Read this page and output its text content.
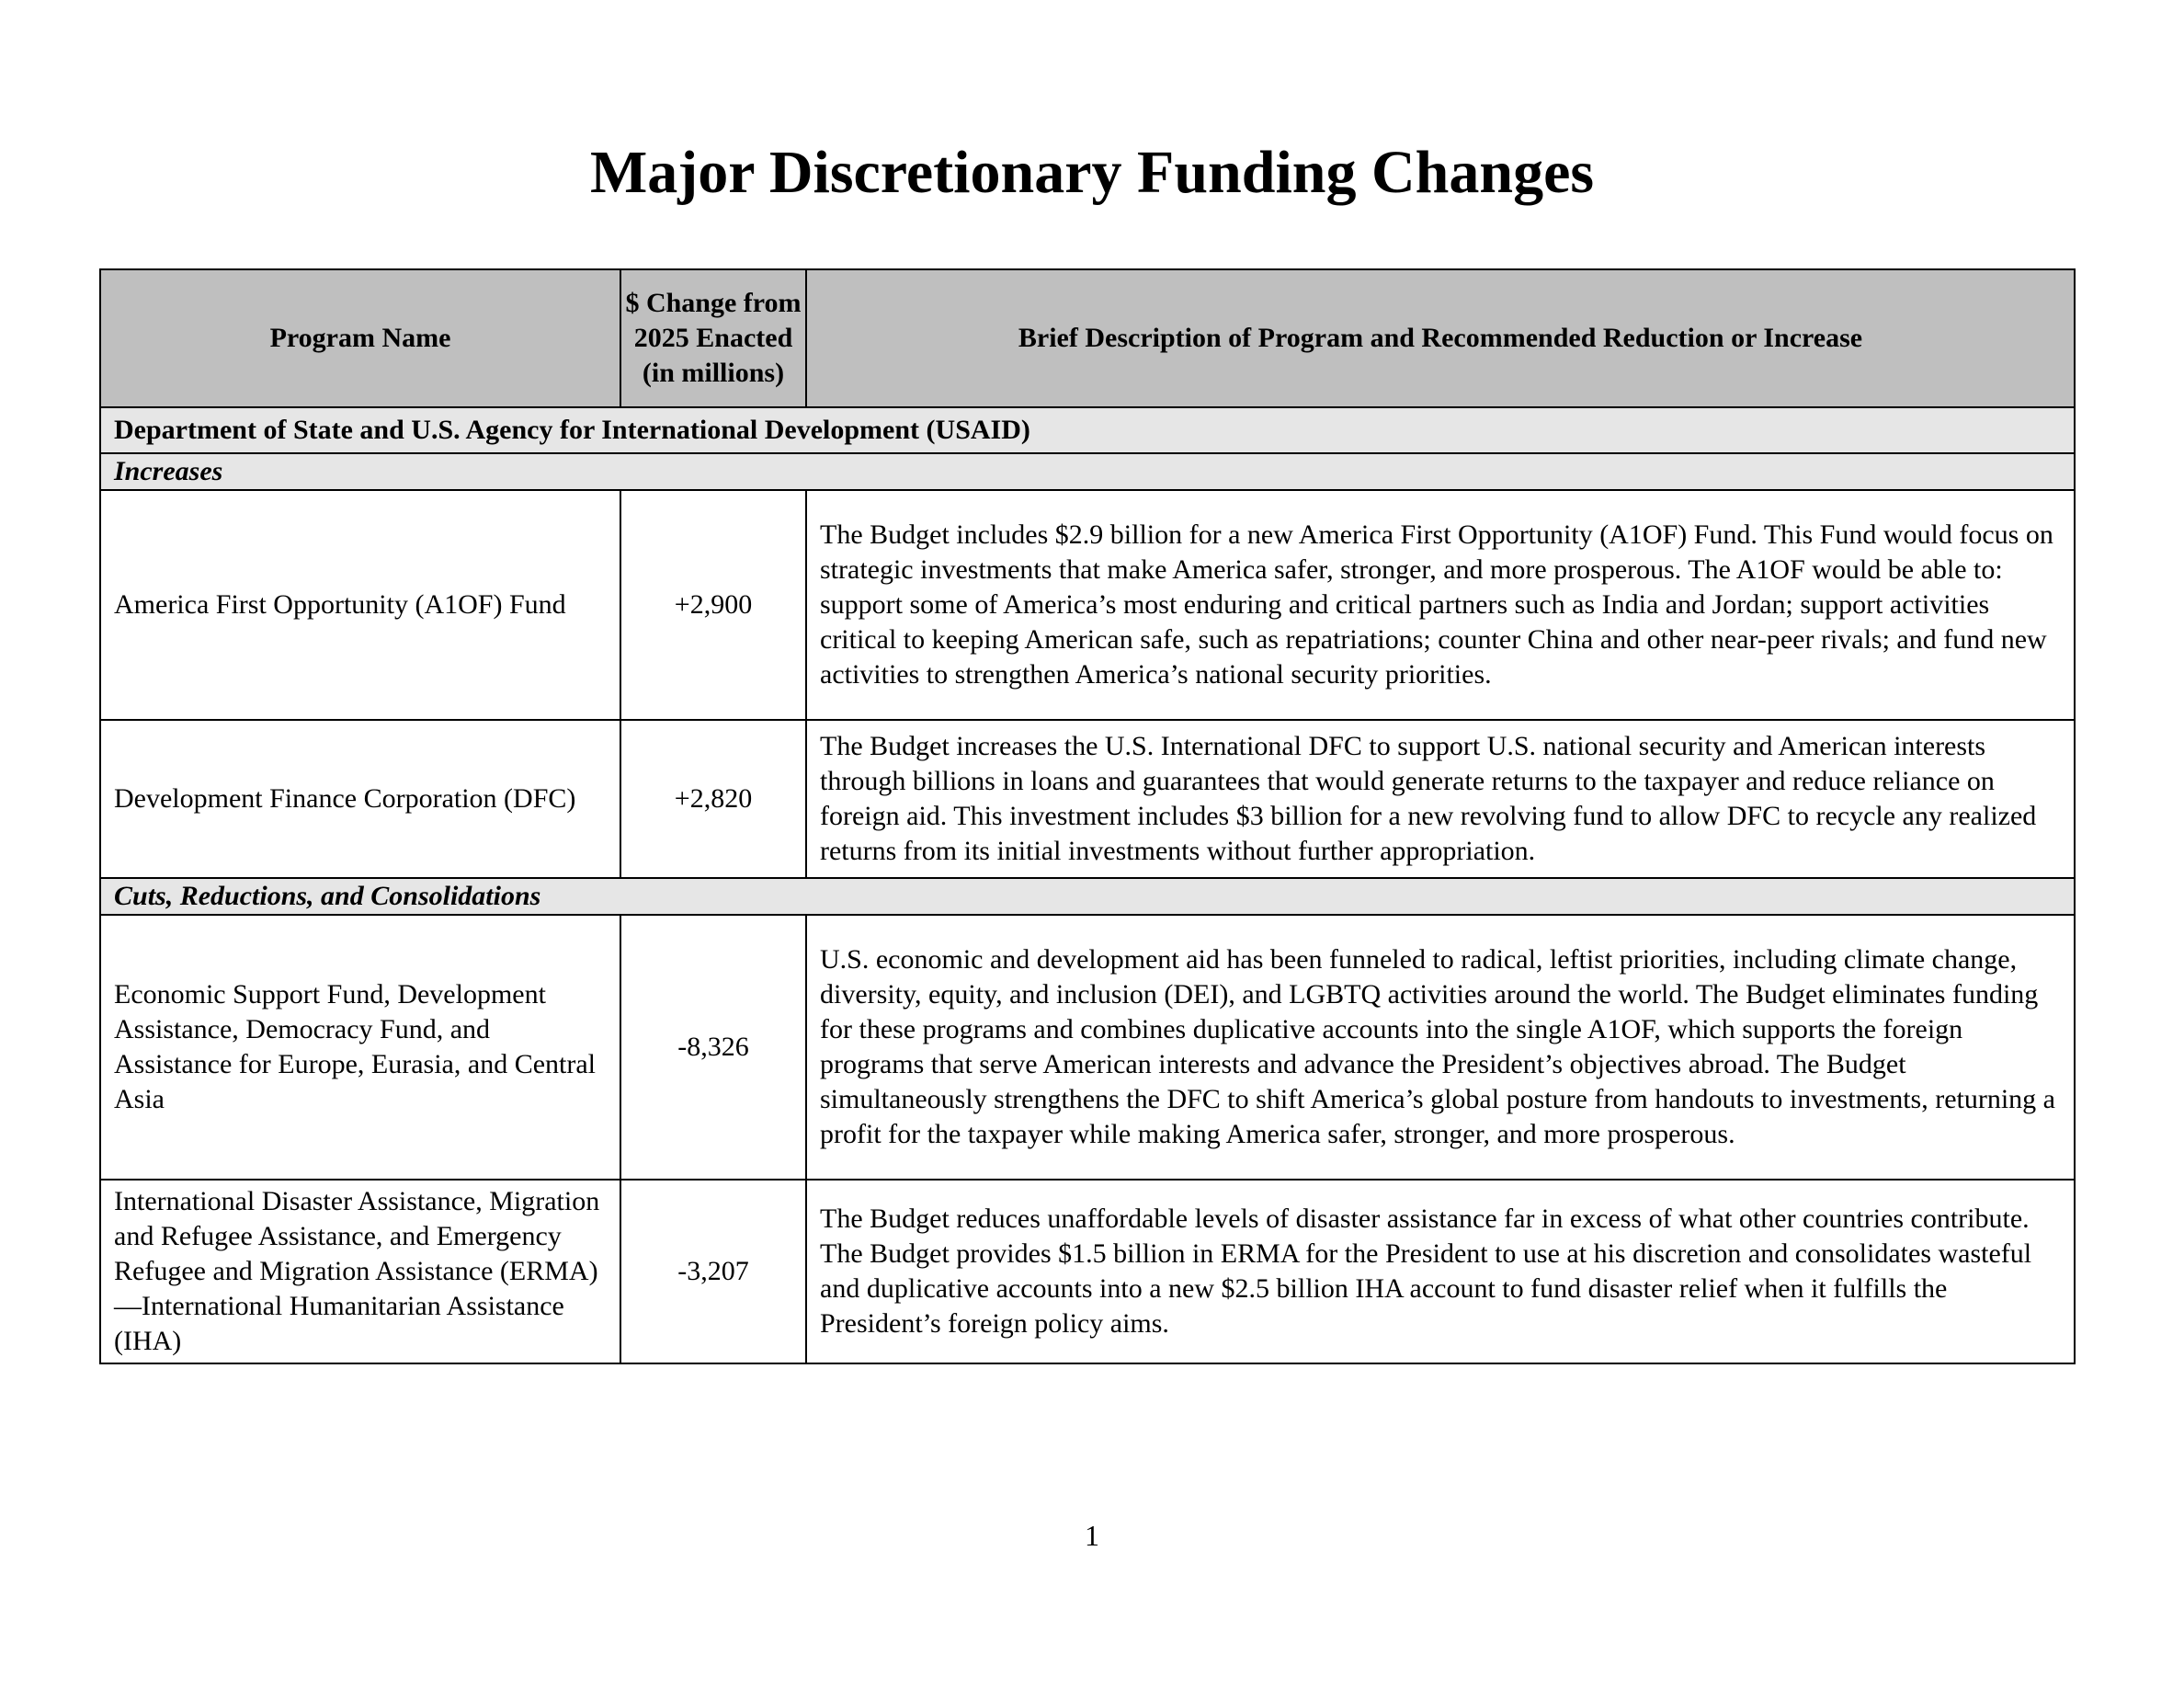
Major Discretionary Funding Changes
Program Name	$ Change from 2025 Enacted (in millions)	Brief Description of Program and Recommended Reduction or Increase
Department of State and U.S. Agency for International Development (USAID)		
Increases		
America First Opportunity (A1OF) Fund	+2,900	The Budget includes $2.9 billion for a new America First Opportunity (A1OF) Fund. This Fund would focus on strategic investments that make America safer, stronger, and more prosperous. The A1OF would be able to: support some of America’s most enduring and critical partners such as India and Jordan; support activities critical to keeping American safe, such as repatriations; counter China and other near-peer rivals; and fund new activities to strengthen America’s national security priorities.
Development Finance Corporation (DFC)	+2,820	The Budget increases the U.S. International DFC to support U.S. national security and American interests through billions in loans and guarantees that would generate returns to the taxpayer and reduce reliance on foreign aid. This investment includes $3 billion for a new revolving fund to allow DFC to recycle any realized returns from its initial investments without further appropriation.
Cuts, Reductions, and Consolidations		
Economic Support Fund, Development Assistance, Democracy Fund, and Assistance for Europe, Eurasia, and Central Asia	-8,326	U.S. economic and development aid has been funneled to radical, leftist priorities, including climate change, diversity, equity, and inclusion (DEI), and LGBTQ activities around the world. The Budget eliminates funding for these programs and combines duplicative accounts into the single A1OF, which supports the foreign programs that serve American interests and advance the President’s objectives abroad. The Budget simultaneously strengthens the DFC to shift America’s global posture from handouts to investments, returning a profit for the taxpayer while making America safer, stronger, and more prosperous.
International Disaster Assistance, Migration and Refugee Assistance, and Emergency Refugee and Migration Assistance (ERMA)—International Humanitarian Assistance (IHA)	-3,207	The Budget reduces unaffordable levels of disaster assistance far in excess of what other countries contribute. The Budget provides $1.5 billion in ERMA for the President to use at his discretion and consolidates wasteful and duplicative accounts into a new $2.5 billion IHA account to fund disaster relief when it fulfills the President’s foreign policy aims.
1
